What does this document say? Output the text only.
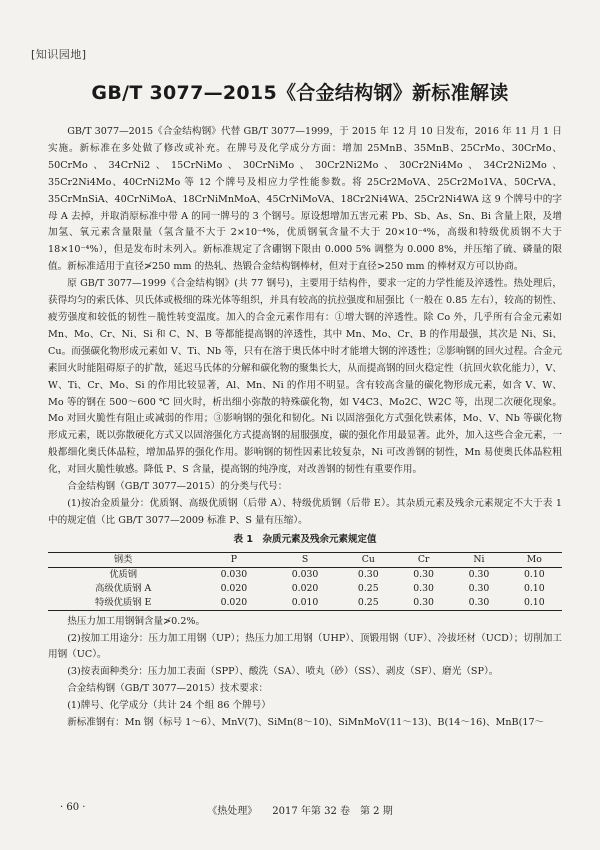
[知识园地]
GB/T 3077—2015《合金结构钢》新标准解读

GB/T 3077—2015《合金结构钢》代替 GB/T 3077—1999，于 2015 年 12 月 10 日发布，2016 年 11 月 1 日实施。新标准在多处做了修改或补充。在牌号及化学成分方面：增加 25MnB、35MnB、25CrMo、30CrMo、50CrMo、34CrNi2、15CrNiMo、30CrNiMo、30Cr2Ni2Mo、30Cr2Ni4Mo、34Cr2Ni2Mo、35Cr2Ni4Mo、40CrNi2Mo 等 12 个牌号及相应力学性能参数。将 25Cr2MoVA、25Cr2Mo1VA、50CrVA、35CrMnSiA、40CrNiMoA、18CrNiMnMoA、45CrNiMoVA、18Cr2Ni4WA、25Cr2Ni4WA 这 9 个牌号中的字母 A 去掉，并取消原标准中带 A 的同一牌号的 3 个钢号。原设想增加五害元素 Pb、Sb、As、Sn、Bi 含量上限，及增加氢、氧元素含量限量（氢含量不大于 2×10⁻⁴%，优质钢氧含量不大于 20×10⁻⁴%，高级和特级优质钢不大于 18×10⁻⁴%），但是发布时未列入。新标准规定了含硼钢下限由 0.000 5% 调整为 0.000 8%，并压缩了硫、磷量的限值。新标准适用于直径≯250 mm 的热轧、热锻合金结构钢棒材，但对于直径>250 mm 的棒材双方可以协商。

原 GB/T 3077—1999《合金结构钢》(共 77 钢号)，主要用于结构件，要求一定的力学性能及淬透性。热处理后，获得均匀的索氏体、贝氏体或极细的珠光体等组织，并具有较高的抗拉强度和屈强比（一般在 0.85 左右），较高的韧性、疲劳强度和较低的韧性－脆性转变温度。加入的合金元素作用有：①增大钢的淬透性。除 Co 外，几乎所有合金元素如 Mn、Mo、Cr、Ni、Si 和 C、N、B 等都能提高钢的淬透性，其中 Mn、Mo、Cr、B 的作用最强，其次是 Ni、Si、Cu。而强碳化物形成元素如 V、Ti、Nb 等，只有在溶于奥氏体中时才能增大钢的淬透性；②影响钢的回火过程。合金元素回火时能阻碍原子的扩散，延迟马氏体的分解和碳化物的聚集长大，从而提高钢的回火稳定性（抗回火软化能力），V、W、Ti、Cr、Mo、Si 的作用比较显著，Al、Mn、Ni 的作用不明显。含有较高含量的碳化物形成元素，如含 V、W、Mo 等的钢在 500～600 ℃ 回火时，析出细小弥散的特殊碳化物，如 V4C3、Mo2C、W2C 等，出现二次硬化现象。Mo 对回火脆性有阻止或减弱的作用；③影响钢的强化和韧化。Ni 以固溶强化方式强化铁素体，Mo、V、Nb 等碳化物形成元素，既以弥散硬化方式又以固溶强化方式提高钢的屈服强度，碳的强化作用最显著。此外，加入这些合金元素，一般都细化奥氏体晶粒，增加晶界的强化作用。影响钢的韧性因素比较复杂，Ni 可改善钢的韧性，Mn 易使奥氏体晶粒粗化，对回火脆性敏感。降低 P、S 含量，提高钢的纯净度，对改善钢的韧性有重要作用。

合金结构钢（GB/T 3077—2015）的分类与代号：

(1)按冶金质量分：优质钢、高级优质钢（后带 A）、特级优质钢（后带 E）。其杂质元素及残余元素规定不大于表 1 中的规定值（比 GB/T 3077—2009 标准 P、S 量有压缩）。

表 1　杂质元素及残余元素规定值
钢类	P	S	Cu	Cr	Ni	Mo
优质钢	0.030	0.030	0.30	0.30	0.30	0.10
高级优质钢 A	0.020	0.020	0.25	0.30	0.30	0.10
特级优质钢 E	0.020	0.010	0.25	0.30	0.30	0.10

热压力加工用钢铜含量≯0.2%。

(2)按加工用途分：压力加工用钢（UP）；热压力加工用钢（UHP）、顶锻用钢（UF）、冷拔坯材（UCD）；切削加工用钢（UC）。

(3)按表面种类分：压力加工表面（SPP）、酸洗（SA）、喷丸（砂）（SS）、剥皮（SF）、磨光（SP）。

合金结构钢（GB/T 3077—2015）技术要求：

(1)牌号、化学成分（共计 24 个组 86 个牌号）

新标准钢有：Mn 钢（标号 1～6）、MnV(7)、SiMn(8～10)、SiMnMoV(11～13)、B(14～16)、MnB(17～

· 60 ·	《热处理》　　2017 年第 32 卷　第 2 期
